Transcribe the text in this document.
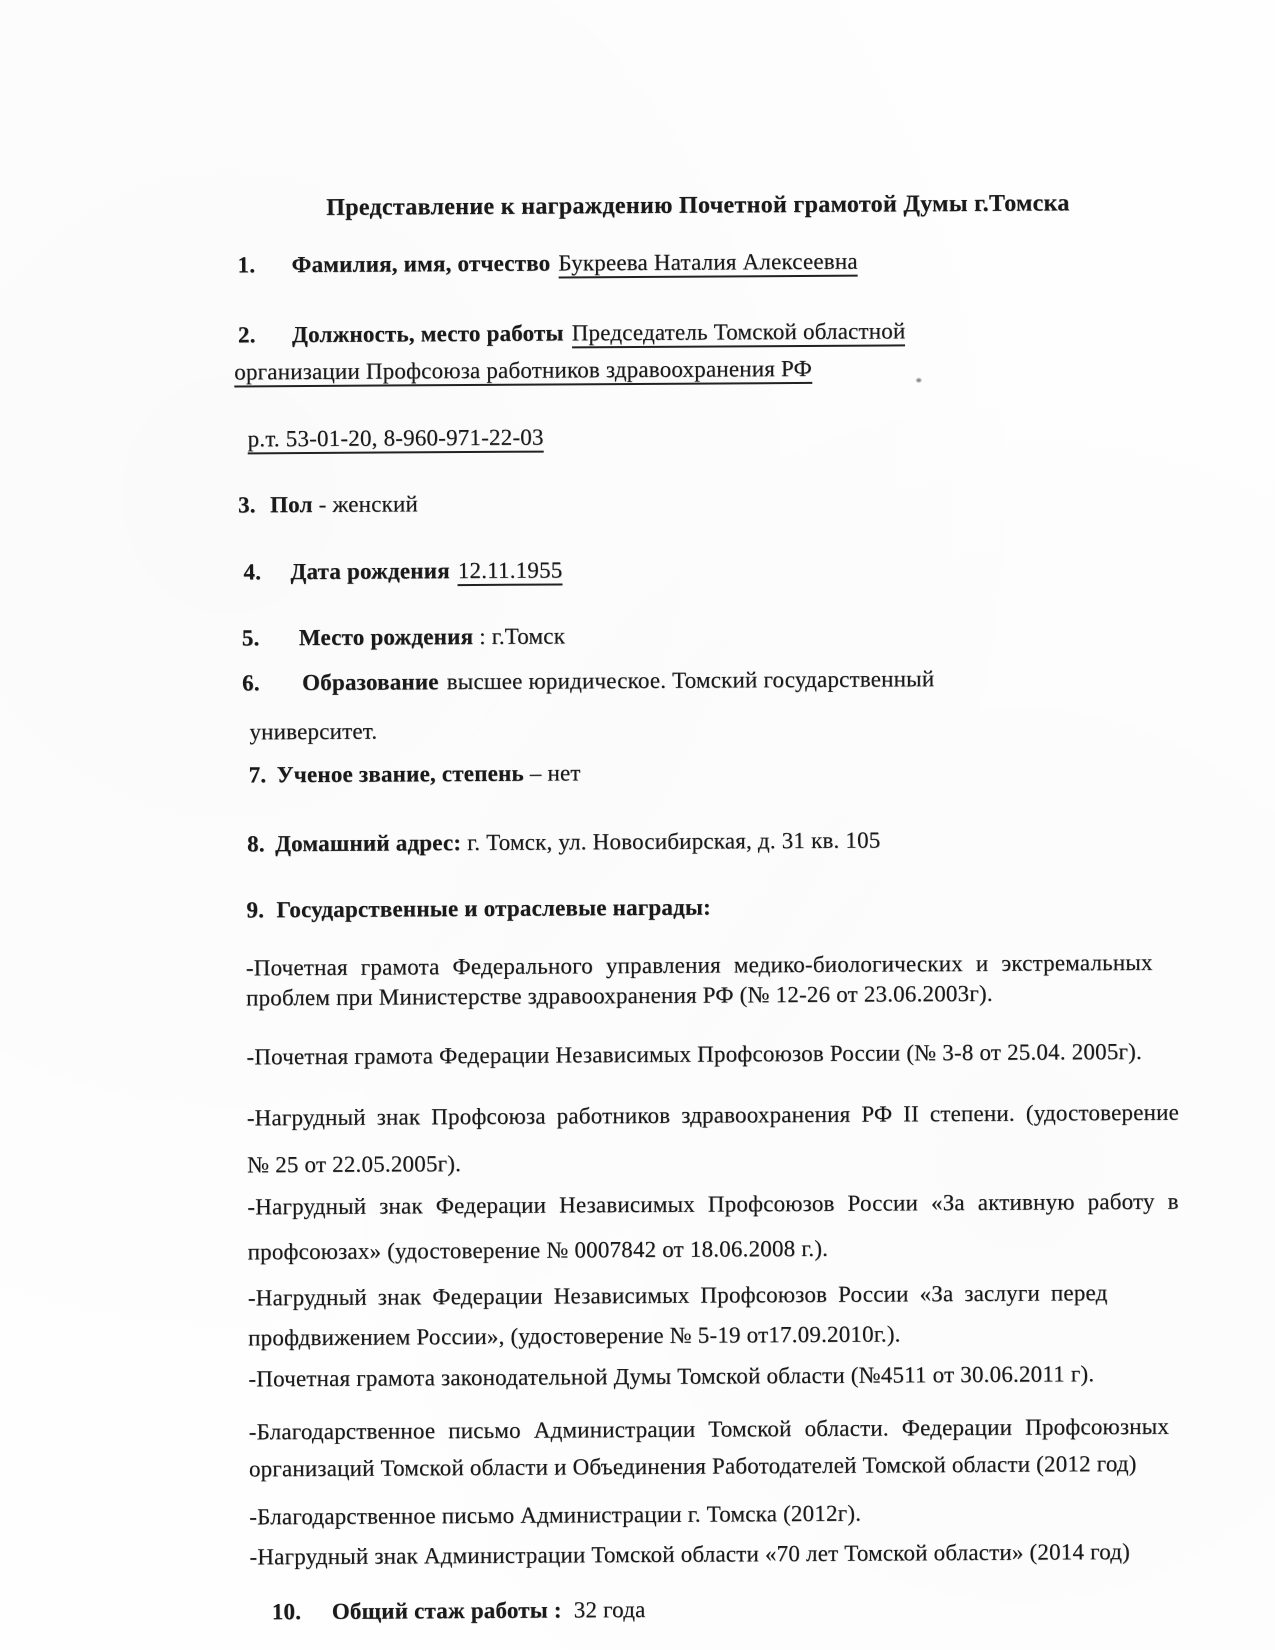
Представление к награждению Почетной грамотой Думы г.Томска
1. Фамилия, имя, отчество Букреева Наталия Алексеевна
2. Должность, место работы Председатель Томской областной
организации Профсоюза работников здравоохранения РФ
р.т. 53-01-20, 8-960-971-22-03
3. Пол - женский
4. Дата рождения 12.11.1955
5. Место рождения : г.Томск
6. Образование высшее юридическое. Томский государственный
университет.
7. Ученое звание, степень – нет
8. Домашний адрес: г. Томск, ул. Новосибирская, д. 31 кв. 105
9. Государственные и отраслевые награды:
-Почетная грамота Федерального управления медико-биологических и экстремальных
проблем при Министерстве здравоохранения РФ (№ 12-26 от 23.06.2003г).
-Почетная грамота Федерации Независимых Профсоюзов России (№ 3-8 от 25.04. 2005г).
-Нагрудный знак Профсоюза работников здравоохранения РФ II степени. (удостоверение
№ 25 от 22.05.2005г).
-Нагрудный знак Федерации Независимых Профсоюзов России «За активную работу в
профсоюзах» (удостоверение № 0007842 от 18.06.2008 г.).
-Нагрудный знак Федерации Независимых Профсоюзов России «За заслуги перед
профдвижением России», (удостоверение № 5-19 от17.09.2010г.).
-Почетная грамота законодательной Думы Томской области (№4511 от 30.06.2011 г).
-Благодарственное письмо Администрации Томской области. Федерации Профсоюзных
организаций Томской области и Объединения Работодателей Томской области (2012 год)
-Благодарственное письмо Администрации г. Томска (2012г).
-Нагрудный знак Администрации Томской области «70 лет Томской области» (2014 год)
10. Общий стаж работы : 32 года
